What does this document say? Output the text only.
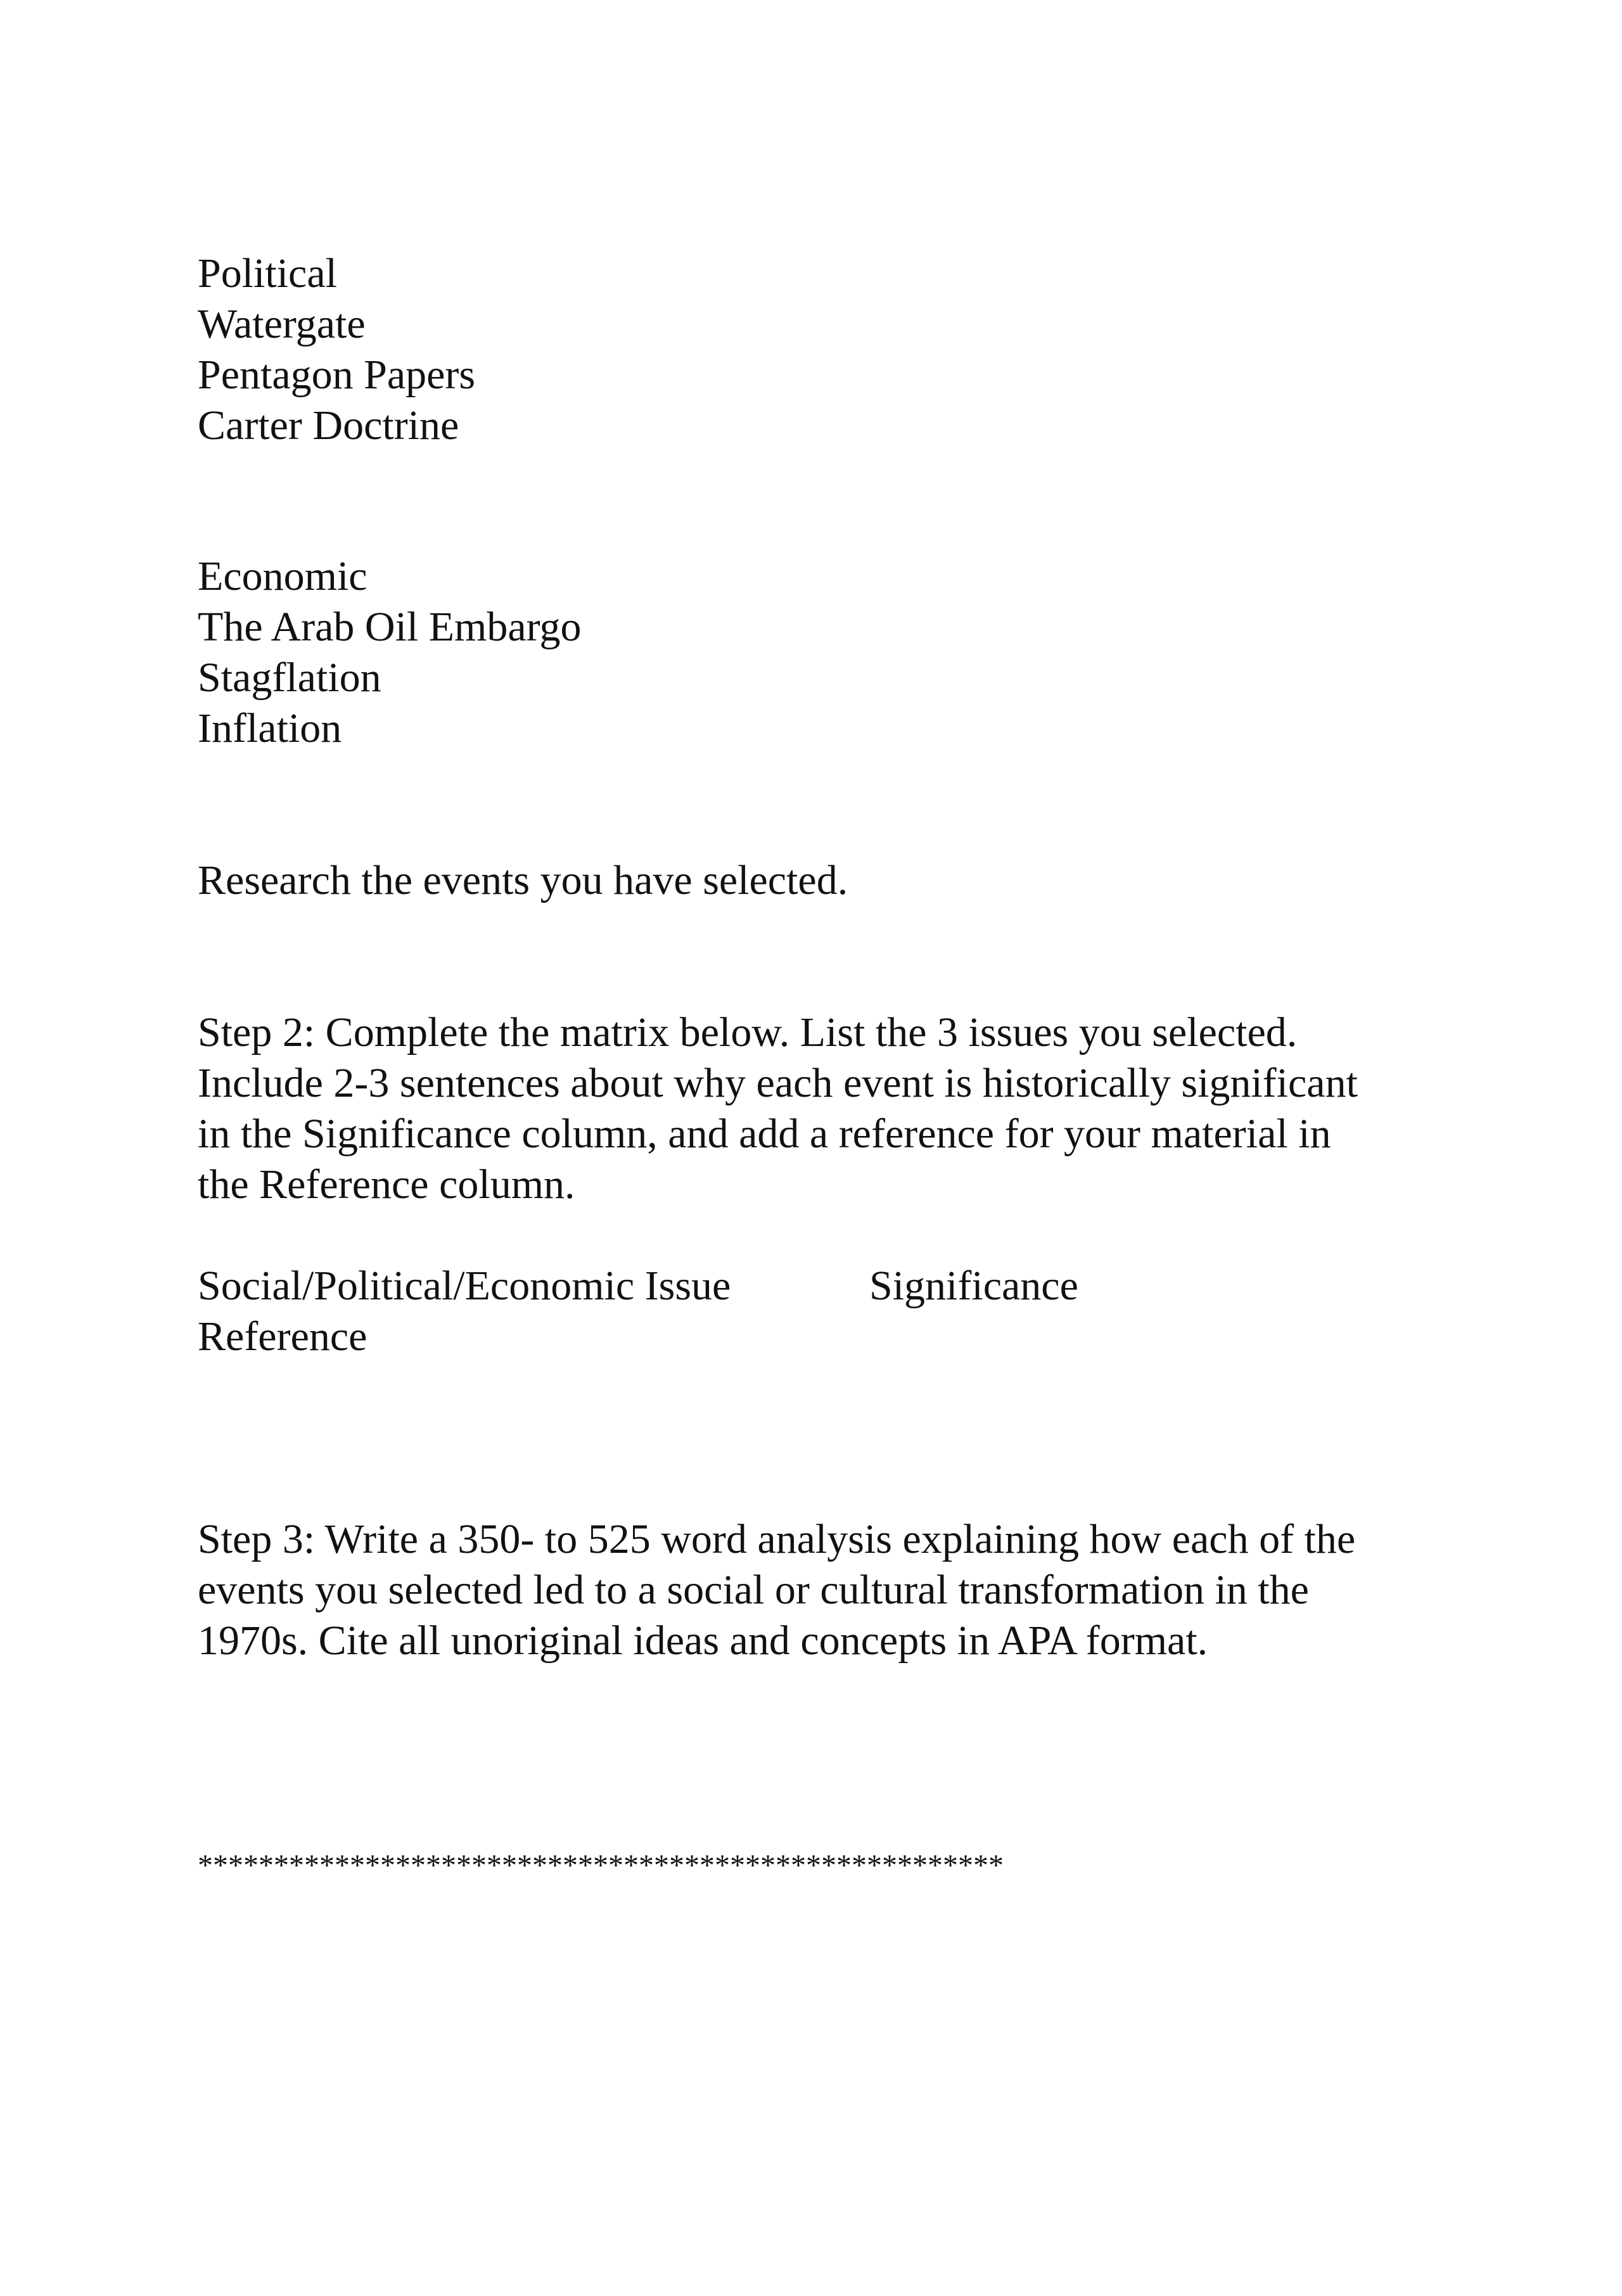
Political
Watergate
Pentagon Papers
Carter Doctrine
Economic
The Arab Oil Embargo
Stagflation
Inflation
Research the events you have selected.
Step 2: Complete the matrix below. List the 3 issues you selected.
Include 2-3 sentences about why each event is historically significant
in the Significance column, and add a reference for your material in
the Reference column.
Social/Political/Economic Issue	Significance
Reference
Step 3: Write a 350- to 525 word analysis explaining how each of the
events you selected led to a social or cultural transformation in the
1970s. Cite all unoriginal ideas and concepts in APA format.
*****************************************************
